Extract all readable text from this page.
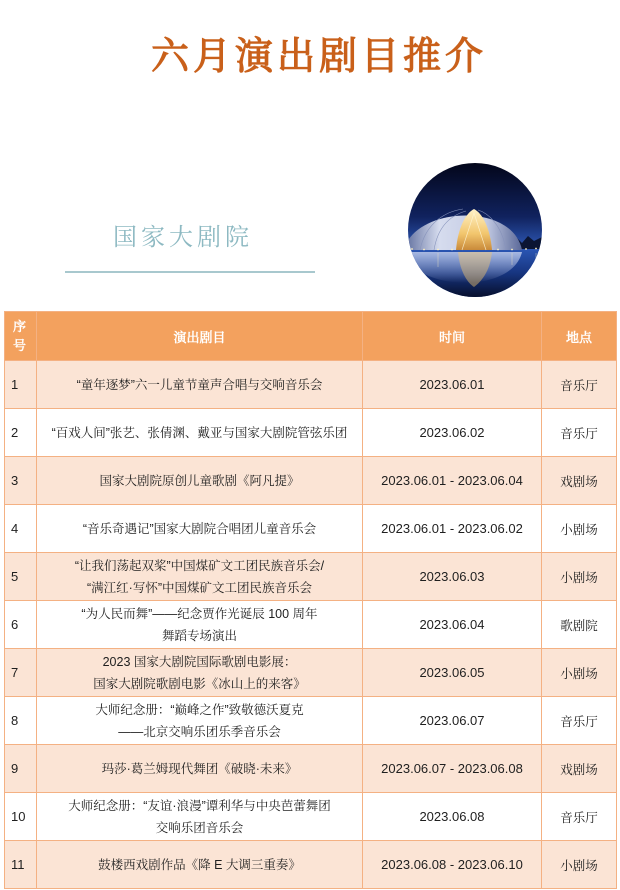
六月演出剧目推介
国家大剧院
序号	演出剧目	时间	地点
1	“童年逐梦”六一儿童节童声合唱与交响音乐会	2023.06.01	音乐厅
2	“百戏人间”张艺、张倩渊、戴亚与国家大剧院管弦乐团	2023.06.02	音乐厅
3	国家大剧院原创儿童歌剧《阿凡提》	2023.06.01 - 2023.06.04	戏剧场
4	“音乐奇遇记”国家大剧院合唱团儿童音乐会	2023.06.01 - 2023.06.02	小剧场
5	“让我们荡起双桨”中国煤矿文工团民族音乐会/
“满江红·写怀”中国煤矿文工团民族音乐会	2023.06.03	小剧场
6	“为人民而舞”——纪念贾作光诞辰 100 周年
舞蹈专场演出	2023.06.04	歌剧院
7	2023 国家大剧院国际歌剧电影展：
国家大剧院歌剧电影《冰山上的来客》	2023.06.05	小剧场
8	大师纪念册：“巅峰之作”致敬德沃夏克
——北京交响乐团乐季音乐会	2023.06.07	音乐厅
9	玛莎·葛兰姆现代舞团《破晓·未来》	2023.06.07 - 2023.06.08	戏剧场
10	大师纪念册：“友谊·浪漫”谭利华与中央芭蕾舞团
交响乐团音乐会	2023.06.08	音乐厅
11	鼓楼西戏剧作品《降 E 大调三重奏》	2023.06.08 - 2023.06.10	小剧场
